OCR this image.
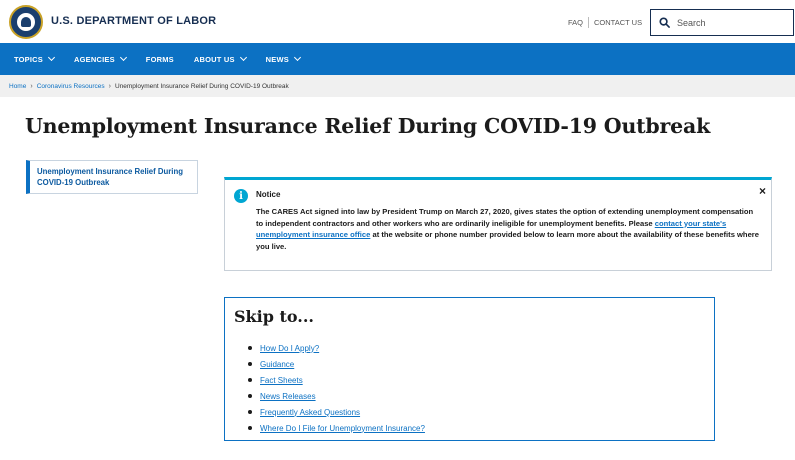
U.S. DEPARTMENT OF LABOR	FAQ CONTACT US
Search
TOPICS	AGENCIES	FORMS	ABOUT US	NEWS
Home › Coronavirus Resources › Unemployment Insurance Relief During COVID-19 Outbreak
Unemployment Insurance Relief During COVID-19 Outbreak
Unemployment Insurance Relief During COVID-19 Outbreak
i	×
Notice
The CARES Act signed into law by President Trump on March 27, 2020, gives states the option of extending unemployment compensation to independent contractors and other workers who are ordinarily ineligible for unemployment benefits. Please contact your state's unemployment insurance office at the website or phone number provided below to learn more about the availability of these benefits where you live.
Skip to...
How Do I Apply?
Guidance
Fact Sheets
News Releases
Frequently Asked Questions
Where Do I File for Unemployment Insurance?
